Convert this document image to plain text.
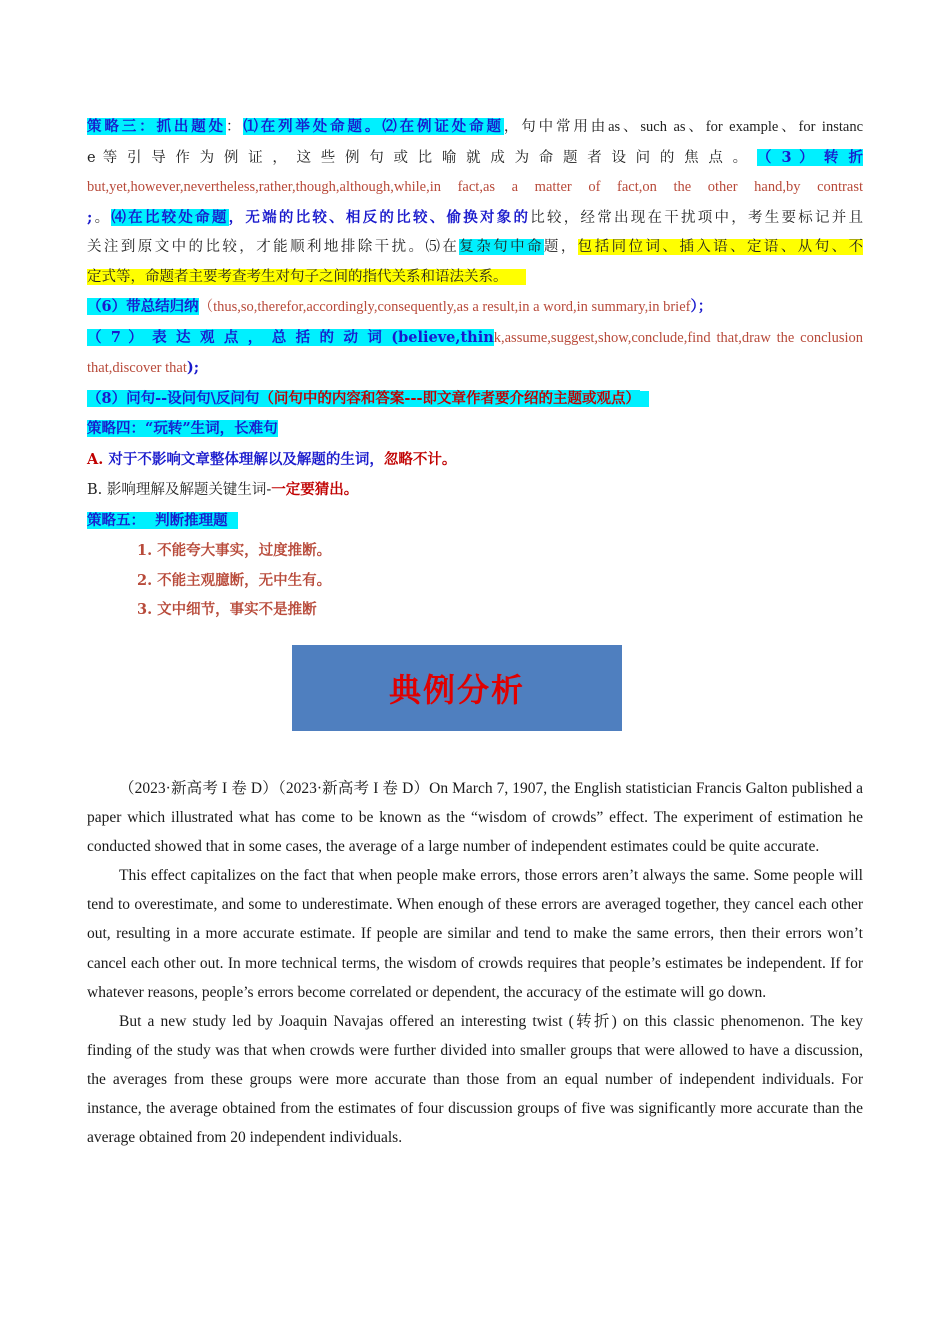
策略三：抓出题处：⑴在列举处命题。⑵在例证处命题，句中常用由as、such as、for example、for instanc
e 等 引 导 作 为 例 证 ， 这 些 例 句 或 比 喻 就 成 为 命 题 者 设 问 的 焦 点 。 （ 3 ） 转 折
but,yet,however,nevertheless,rather,though,although,while,in fact,as a matter of fact,on the other hand,by contrast
;。⑷在比较处命题，无端的比较、相反的比较、偷换对象的比较，经常出现在干扰项中，考生要标记并且
关注到原文中的比较，才能顺利地排除干扰。⑸在复杂句中命题，包括同位词、插入语、定语、从句、不
定式等，命题者主要考查考生对句子之间的指代关系和语法关系。
（6）带总结归纳（thus,so,therefor,accordingly,consequently,as a result,in a word,in summary,in brief）；
（ 7 ） 表 达 观 点 ， 总 括 的 动 词 (believe,think,assume,suggest,show,conclude,find that,draw the conclusion
that,discover that);
（8）问句--设问句\反问句（问句中的内容和答案---即文章作者要介绍的主题或观点）
策略四：“玩转”生词，长难句
A. 对于不影响文章整体理解以及解题的生词，忽略不计。
B. 影响理解及解题关键生词-一定要猜出。
策略五：  判断推理题
1. 不能夸大事实，过度推断。
2. 不能主观臆断，无中生有。
3. 文中细节，事实不是推断
典例分析

（2023·新高考 I 卷 D）（2023·新高考 I 卷 D）On March 7, 1907, the English statistician Francis Galton published a paper which illustrated what has come to be known as the “wisdom of crowds” effect. The experiment of estimation he conducted showed that in some cases, the average of a large number of independent estimates could be quite accurate.

This effect capitalizes on the fact that when people make errors, those errors aren’t always the same. Some people will tend to overestimate, and some to underestimate. When enough of these errors are averaged together, they cancel each other out, resulting in a more accurate estimate. If people are similar and tend to make the same errors, then their errors won’t cancel each other out. In more technical terms, the wisdom of crowds requires that people’s estimates be independent. If for whatever reasons, people’s errors become correlated or dependent, the accuracy of the estimate will go down.

But a new study led by Joaquin Navajas offered an interesting twist (转折) on this classic phenomenon. The key finding of the study was that when crowds were further divided into smaller groups that were allowed to have a discussion, the averages from these groups were more accurate than those from an equal number of independent individuals. For instance, the average obtained from the estimates of four discussion groups of five was significantly more accurate than the average obtained from 20 independent individuals.
